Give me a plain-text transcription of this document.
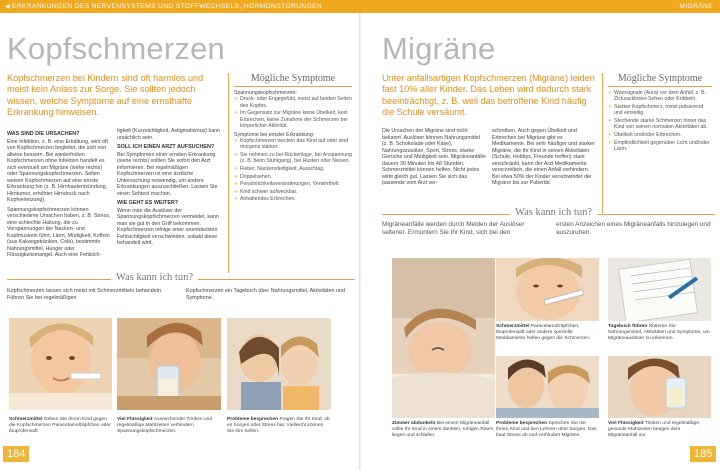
◀ ERKRANKUNGEN DES NERVENSYSTEMS UND STOFFWECHSELS, HORMONSTÖRUNGEN	MIGRÄNE
Kopfschmerzen

Kopfschmerzen bei Kindern sind oft harmlos und meist kein Anlass zur Sorge. Sie sollten jedoch wissen, welche Symptome auf eine ernsthafte Erkrankung hinweisen.

WAS SIND DIE URSACHEN?

Eine Infektion, z. B. eine Erkältung, wird oft von Kopfschmerzen begleitet, die sich von alleine bessern. Bei wiederholten Kopfschmerzen ohne Infektion handelt es sich eventuell um Migräne (siehe rechts) oder Spannungskopfschmerzen. Selten weisen Kopfschmerzen auf eine ernste Erkrankung hin (z. B. Hirnhautentzündung, Hirntumor, erhöhter Hirndruck nach Kopfverletzung).

Spannungskopfschmerzen können verschiedene Ursachen haben, z. B. Stress, eine schlechte Haltung, die zu Verspannungen der Nacken- und Kopfmuskeln führt, Lärm, Müdigkeit, Koffein (aus Kakaogetränken, Cola), bestimmte Nahrungsmittel, Hunger oder Flüssigkeitsmangel. Auch eine Fehlsich-

tigkeit (Kurzsichtigkeit, Astigmatismus) kann ursächlich sein.

SOLL ICH EINEN ARZT AUFSUCHEN?

Bei Symptomen einer ernsten Erkrankung (siehe rechts) sollten Sie sofort den Arzt informieren. Bei regelmäßigen Kopfschmerzen ist eine ärztliche Untersuchung notwendig, um andere Erkrankungen auszuschließen. Lassen Sie einen Sehtest machen.

WIE GEHT ES WEITER?

Wenn man die Auslöser der Spannungskopfschmerzen vermeidet, kann man sie gut in den Griff bekommen. Kopfschmerzen infolge einer unentdeckten Fehlsichtigkeit verschwinden, sobald diese behandelt wird.

Mögliche Symptome
Spannungskopfschmerzen:
✳ Druck- oder Engegefühl, meist auf beiden Seiten des Kopfes.
✳ Im Gegensatz zur Migräne keine Übelkeit, kein Erbrechen, keine Zunahme der Schmerzen bei körperlicher Aktivität.
Symptome bei ernster Erkrankung:
✳ Kopfschmerzen wecken das Kind auf oder sind morgens stärker.
✳ Sie nehmen zu bei Rückenlage, bei Anspannung (z. B. beim Stuhlgang), bei Husten oder Niesen.
✳ Fieber, Nackensteifigkeit, Ausschlag.
✳ Doppelsehen.
✳ Persönlichkeitsveränderungen, Verwirrtheit.
✳ Kind schwer aufweckbar.
✳ Anhaltendes Erbrechen.
Was kann ich tun?

Kopfschmerzen lassen sich meist mit Schmerzmitteln behandeln. Führen Sie bei regelmäßigen

Kopfschmerzen ein Tagebuch über Nahrungsmittel, Aktivitäten und Symptome.

Schmerzmittel Geben Sie Ihrem Kind gegen die Kopfschmerzen Paracetamolzäpfchen oder Ibuprofensaft.

Viel Flüssigkeit Ausreichender Trinken und regelmäßige Mahlzeiten verhindern Spannungskopfschmerzen.

Probleme besprechen Fragen Sie Ihr Kind, ob es Sorgen oder Stress hat. Vielleicht können Sie ihm helfen.

184
Migräne

Unter anfallsartigen Kopfschmerzen (Migräne) leiden fast 10% aller Kinder. Das Leben wird dadurch stark beeinträchtigt, z. B. weil das betroffene Kind häufig die Schule versäumt.

Die Ursachen der Migräne sind nicht bekannt. Auslöser können Nahrungsmittel (z. B. Schokolade oder Käse), Nahrungszusätze, Sport, Stress, starke Gerüche und Müdigkeit sein. Migräneanfälle dauern 30 Minuten bis 48 Stunden. Schmerzmittel können helfen. Nicht jedes wirkt gleich gut. Lassen Sie sich das passende vom Arzt ver-

schreiben. Auch gegen Übelkeit und Erbrechen bei Migräne gibt es Medikamente. Bei sehr häufiger und starker Migräne, die Ihr Kind in seinen Aktivitäten (Schule, Hobbys, Freunde treffen) stark einschränkt, kann der Arzt Medikamente verschreiben, die einen Anfall verhindern. Bei etwa 50% der Kinder verschwindet die Migräne bis zur Pubertät.

Mögliche Symptome
✳ Warnsignale (Aura) vor dem Anfall, z. B. Zickzacklinien-Sehen oder Kribbeln.
✳ Starker Kopfschmerz, meist pulsierend und einseitig.
✳ Stechende starke Schmerzen hinter das Kind von seinen normalen Aktivitäten ab.
✳ Übelkeit und/oder Erbrechen.
✳ Empfindlichkeit gegenüber Licht und/oder Lärm.
Was kann ich tun?

Migräneanfälle werden durch Meiden der Auslöser seltener. Ermuntern Sie Ihr Kind, sich bei den

ersten Anzeichen eines Migräneanfalls hinzulegen und auszuruhen.

Schmerzmittel Paracetamolzäpfchen, Ibuprofensaft oder andere spezielle Medikamente helfen gegen die Schmerzen.

Tagebuch führen Notieren Sie Nahrungsmittel, Aktivitäten und Symptome, um Migräneauslöser zu erkennen.

Zimmer abdunkeln Bei einem Migräneanfall sollte Ihr Kind in einem dunklen, ruhigen Raum liegen und schlafen.

Probleme besprechen Sprechen Sie mit Ihrem Kind und den Lehrern über Sorgen. Das baut Stress ab und verhindert Migräne.

Viel Flüssigkeit Trinken und regelmäßige, gesunde Mahlzeiten beugen dem Migräneanfall vor.

185
